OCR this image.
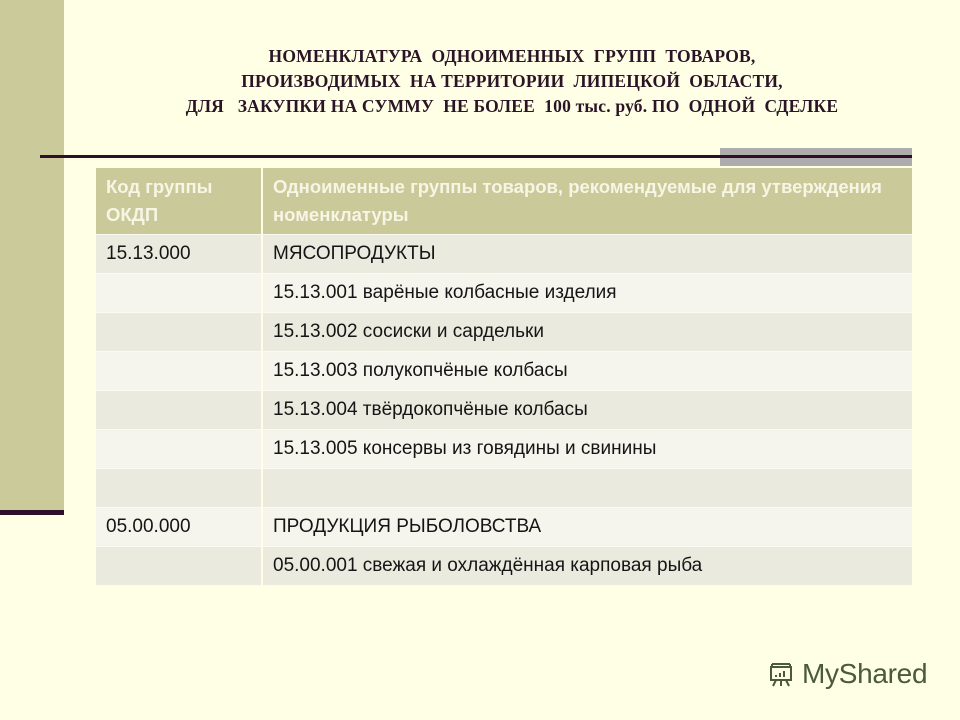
НОМЕНКЛАТУРА  ОДНОИМЕННЫХ  ГРУПП  ТОВАРОВ,
ПРОИЗВОДИМЫХ  НА ТЕРРИТОРИИ  ЛИПЕЦКОЙ  ОБЛАСТИ,
ДЛЯ   ЗАКУПКИ НА СУММУ  НЕ БОЛЕЕ  100 тыс. руб. ПО  ОДНОЙ  СДЕЛКЕ
Код группы ОКДП	Одноименные группы товаров, рекомендуемые для утверждения номенклатуры
15.13.000	МЯСОПРОДУКТЫ
	15.13.001 варёные колбасные изделия
	15.13.002 сосиски и сардельки
	15.13.003 полукопчёные колбасы
	15.13.004 твёрдокопчёные колбасы
	15.13.005 консервы из говядины и свинины

05.00.000	ПРОДУКЦИЯ РЫБОЛОВСТВА
	05.00.001 свежая и охлаждённая карповая рыба
MyShared
